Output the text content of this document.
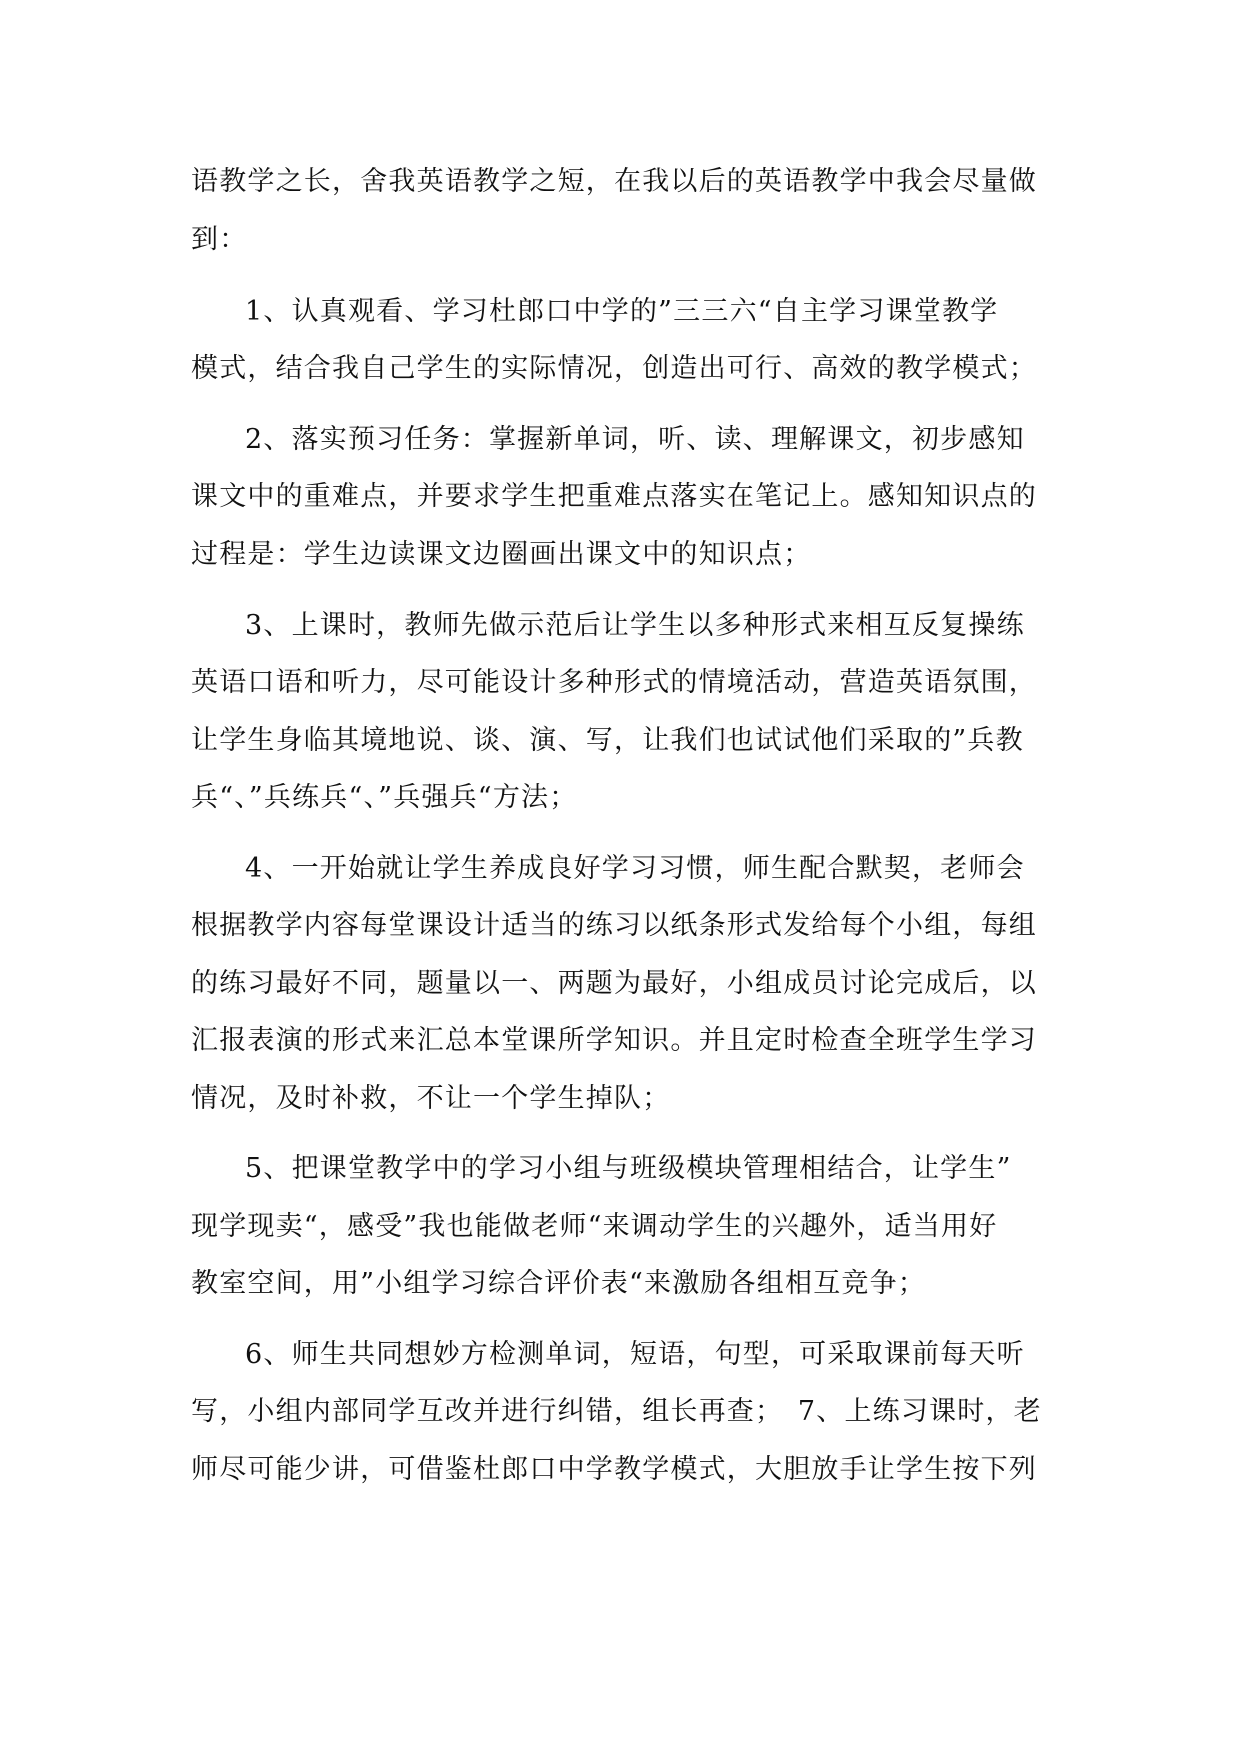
语教学之长，舍我英语教学之短，在我以后的英语教学中我会尽量做
到：
1、认真观看、学习杜郎口中学的”三三六“自主学习课堂教学
模式，结合我自己学生的实际情况，创造出可行、高效的教学模式；
2、落实预习任务：掌握新单词，听、读、理解课文，初步感知
课文中的重难点，并要求学生把重难点落实在笔记上。感知知识点的
过程是：学生边读课文边圈画出课文中的知识点；
3、上课时，教师先做示范后让学生以多种形式来相互反复操练
英语口语和听力，尽可能设计多种形式的情境活动，营造英语氛围，
让学生身临其境地说、谈、演、写，让我们也试试他们采取的”兵教
兵“、”兵练兵“、”兵强兵“方法；
4、一开始就让学生养成良好学习习惯，师生配合默契，老师会
根据教学内容每堂课设计适当的练习以纸条形式发给每个小组，每组
的练习最好不同，题量以一、两题为最好，小组成员讨论完成后，以
汇报表演的形式来汇总本堂课所学知识。并且定时检查全班学生学习
情况，及时补救，不让一个学生掉队；
5、把课堂教学中的学习小组与班级模块管理相结合，让学生”
现学现卖“，感受”我也能做老师“来调动学生的兴趣外，适当用好
教室空间，用”小组学习综合评价表“来激励各组相互竞争；
6、师生共同想妙方检测单词，短语，句型，可采取课前每天听
写，小组内部同学互改并进行纠错，组长再查；　7、上练习课时，老
师尽可能少讲，可借鉴杜郎口中学教学模式，大胆放手让学生按下列
